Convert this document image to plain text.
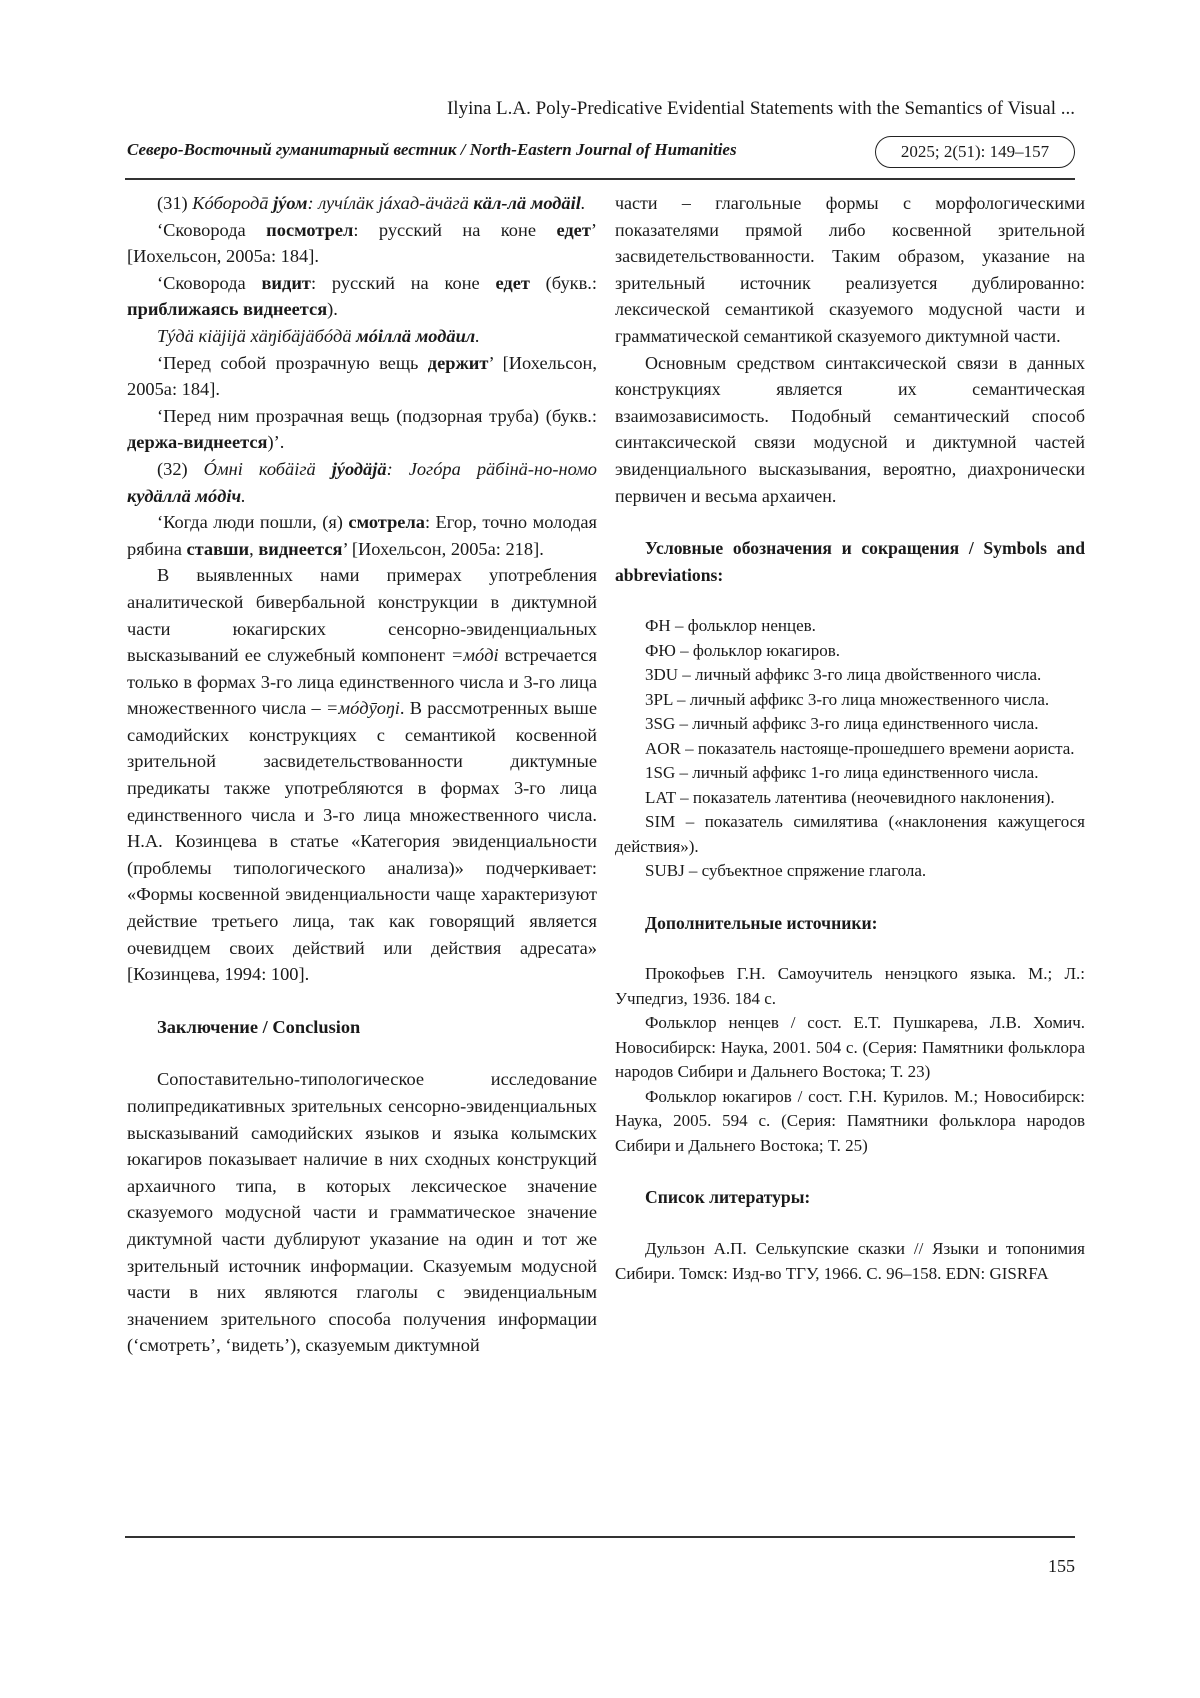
Ilyina L.A. Poly-Predicative Evidential Statements with the Semantics of Visual ...
Северо-Восточный гуманитарный вестник / North-Eastern Journal of Humanities	2025; 2(51): 149–157

(31) Кóбородā jýом: лучíлäк jáхад-äчäгä кäл-лä модäil.

‘Сковорода посмотрел: русский на коне едет’ [Иохельсон, 2005а: 184].

‘Сковорода видит: русский на коне едет (букв.: приближаясь виднеется).

Тýдä кiäjijä хäŋiбäjäбóдä мóiллä модäил.

‘Перед собой прозрачную вещь держит’ [Иохельсон, 2005а: 184].

‘Перед ним прозрачная вещь (подзорная труба) (букв.: держа-виднеется)’.

(32) Óмнi кобäiгä jýодäjä: Jогóра рäбiнä-но-номо кудäллä мóдiч.

‘Когда люди пошли, (я) смотрела: Егор, точно молодая рябина ставши, виднеется’ [Иохельсон, 2005а: 218].

В выявленных нами примерах употребления аналитической бивербальной конструкции в диктумной части юкагирских сенсорно-эвиденциальных высказываний ее служебный компонент =мóдi встречается только в формах 3-го лица единственного числа и 3-го лица множественного числа – =мóдӯоŋi. В рассмотренных выше самодийских конструкциях с семантикой косвенной зрительной засвидетельствованности диктумные предикаты также употребляются в формах 3-го лица единственного числа и 3-го лица множественного числа. Н.А. Козинцева в статье «Категория эвиденциальности (проблемы типологического анализа)» подчеркивает: «Формы косвенной эвиденциальности чаще характеризуют действие третьего лица, так как говорящий является очевидцем своих действий или действия адресата» [Козинцева, 1994: 100].

Заключение / Conclusion

Сопоставительно-типологическое исследование полипредикативных зрительных сенсорно-эвиденциальных высказываний самодийских языков и языка колымских юкагиров показывает наличие в них сходных конструкций архаичного типа, в которых лексическое значение сказуемого модусной части и грамматическое значение диктумной части дублируют указание на один и тот же зрительный источник информации. Сказуемым модусной части в них являются глаголы с эвиденциальным значением зрительного способа получения информации (‘смотреть’, ‘видеть’), сказуемым диктумной

части – глагольные формы с морфологическими показателями прямой либо косвенной зрительной засвидетельствованности. Таким образом, указание на зрительный источник реализуется дублированно: лексической семантикой сказуемого модусной части и грамматической семантикой сказуемого диктумной части.

Основным средством синтаксической связи в данных конструкциях является их семантическая взаимозависимость. Подобный семантический способ синтаксической связи модусной и диктумной частей эвиденциального высказывания, вероятно, диахронически первичен и весьма архаичен.

Условные обозначения и сокращения / Symbols and abbreviations:

ФН – фольклор ненцев.

ФЮ – фольклор юкагиров.

3DU – личный аффикс 3-го лица двойственного числа.

3PL – личный аффикс 3-го лица множественного числа.

3SG – личный аффикс 3-го лица единственного числа.

AOR – показатель настояще-прошедшего времени аориста.

1SG – личный аффикс 1-го лица единственного числа.

LAT – показатель латентива (неочевидного наклонения).

SIM – показатель симилятива («наклонения кажущегося действия»).

SUBJ – субъектное спряжение глагола.

Дополнительные источники:

Прокофьев Г.Н. Самоучитель ненэцкого языка. М.; Л.: Учпедгиз, 1936. 184 с.

Фольклор ненцев / сост. Е.Т. Пушкарева, Л.В. Хомич. Новосибирск: Наука, 2001. 504 с. (Серия: Памятники фольклора народов Сибири и Дальнего Востока; Т. 23)

Фольклор юкагиров / сост. Г.Н. Курилов. М.; Новосибирск: Наука, 2005. 594 с. (Серия: Памятники фольклора народов Сибири и Дальнего Востока; Т. 25)

Список литературы:

Дульзон А.П. Селькупские сказки // Языки и топонимия Сибири. Томск: Изд-во ТГУ, 1966. С. 96–158. EDN: GISRFA

155
